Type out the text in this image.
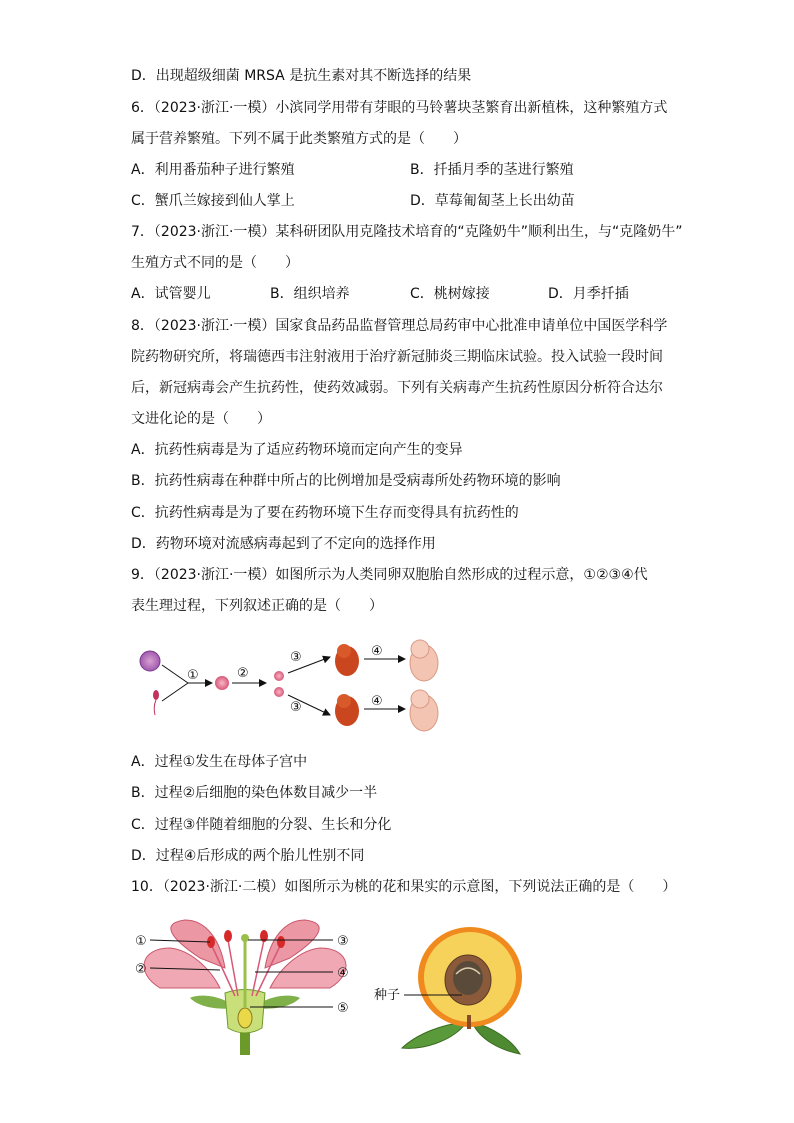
D．出现超级细菌 MRSA 是抗生素对其不断选择的结果
6．（2023·浙江·一模）小滨同学用带有芽眼的马铃薯块茎繁育出新植株，这种繁殖方式
属于营养繁殖。下列不属于此类繁殖方式的是（　　）
A．利用番茄种子进行繁殖	B．扦插月季的茎进行繁殖
C．蟹爪兰嫁接到仙人掌上	D．草莓匍匐茎上长出幼苗
7．（2023·浙江·一模）某科研团队用克隆技术培育的“克隆奶牛”顺利出生，与“克隆奶牛”
生殖方式不同的是（　　）
A．试管婴儿	B．组织培养	C．桃树嫁接	D．月季扦插
8．（2023·浙江·一模）国家食品药品监督管理总局药审中心批准申请单位中国医学科学
院药物研究所，将瑞德西韦注射液用于治疗新冠肺炎三期临床试验。投入试验一段时间
后，新冠病毒会产生抗药性，使药效减弱。下列有关病毒产生抗药性原因分析符合达尔
文进化论的是（　　）
A．抗药性病毒是为了适应药物环境而定向产生的变异
B．抗药性病毒在种群中所占的比例增加是受病毒所处药物环境的影响
C．抗药性病毒是为了要在药物环境下生存而变得具有抗药性的
D．药物环境对流感病毒起到了不定向的选择作用
9．（2023·浙江·一模）如图所示为人类同卵双胞胎自然形成的过程示意，①②③④代
表生理过程，下列叙述正确的是（　　）
①	②
③
③
④
④
A．过程①发生在母体子宫中
B．过程②后细胞的染色体数目减少一半
C．过程③伴随着细胞的分裂、生长和分化
D．过程④后形成的两个胎儿性别不同
10．（2023·浙江·二模）如图所示为桃的花和果实的示意图，下列说法正确的是（　　）
①
②
③
④
⑤
种子
